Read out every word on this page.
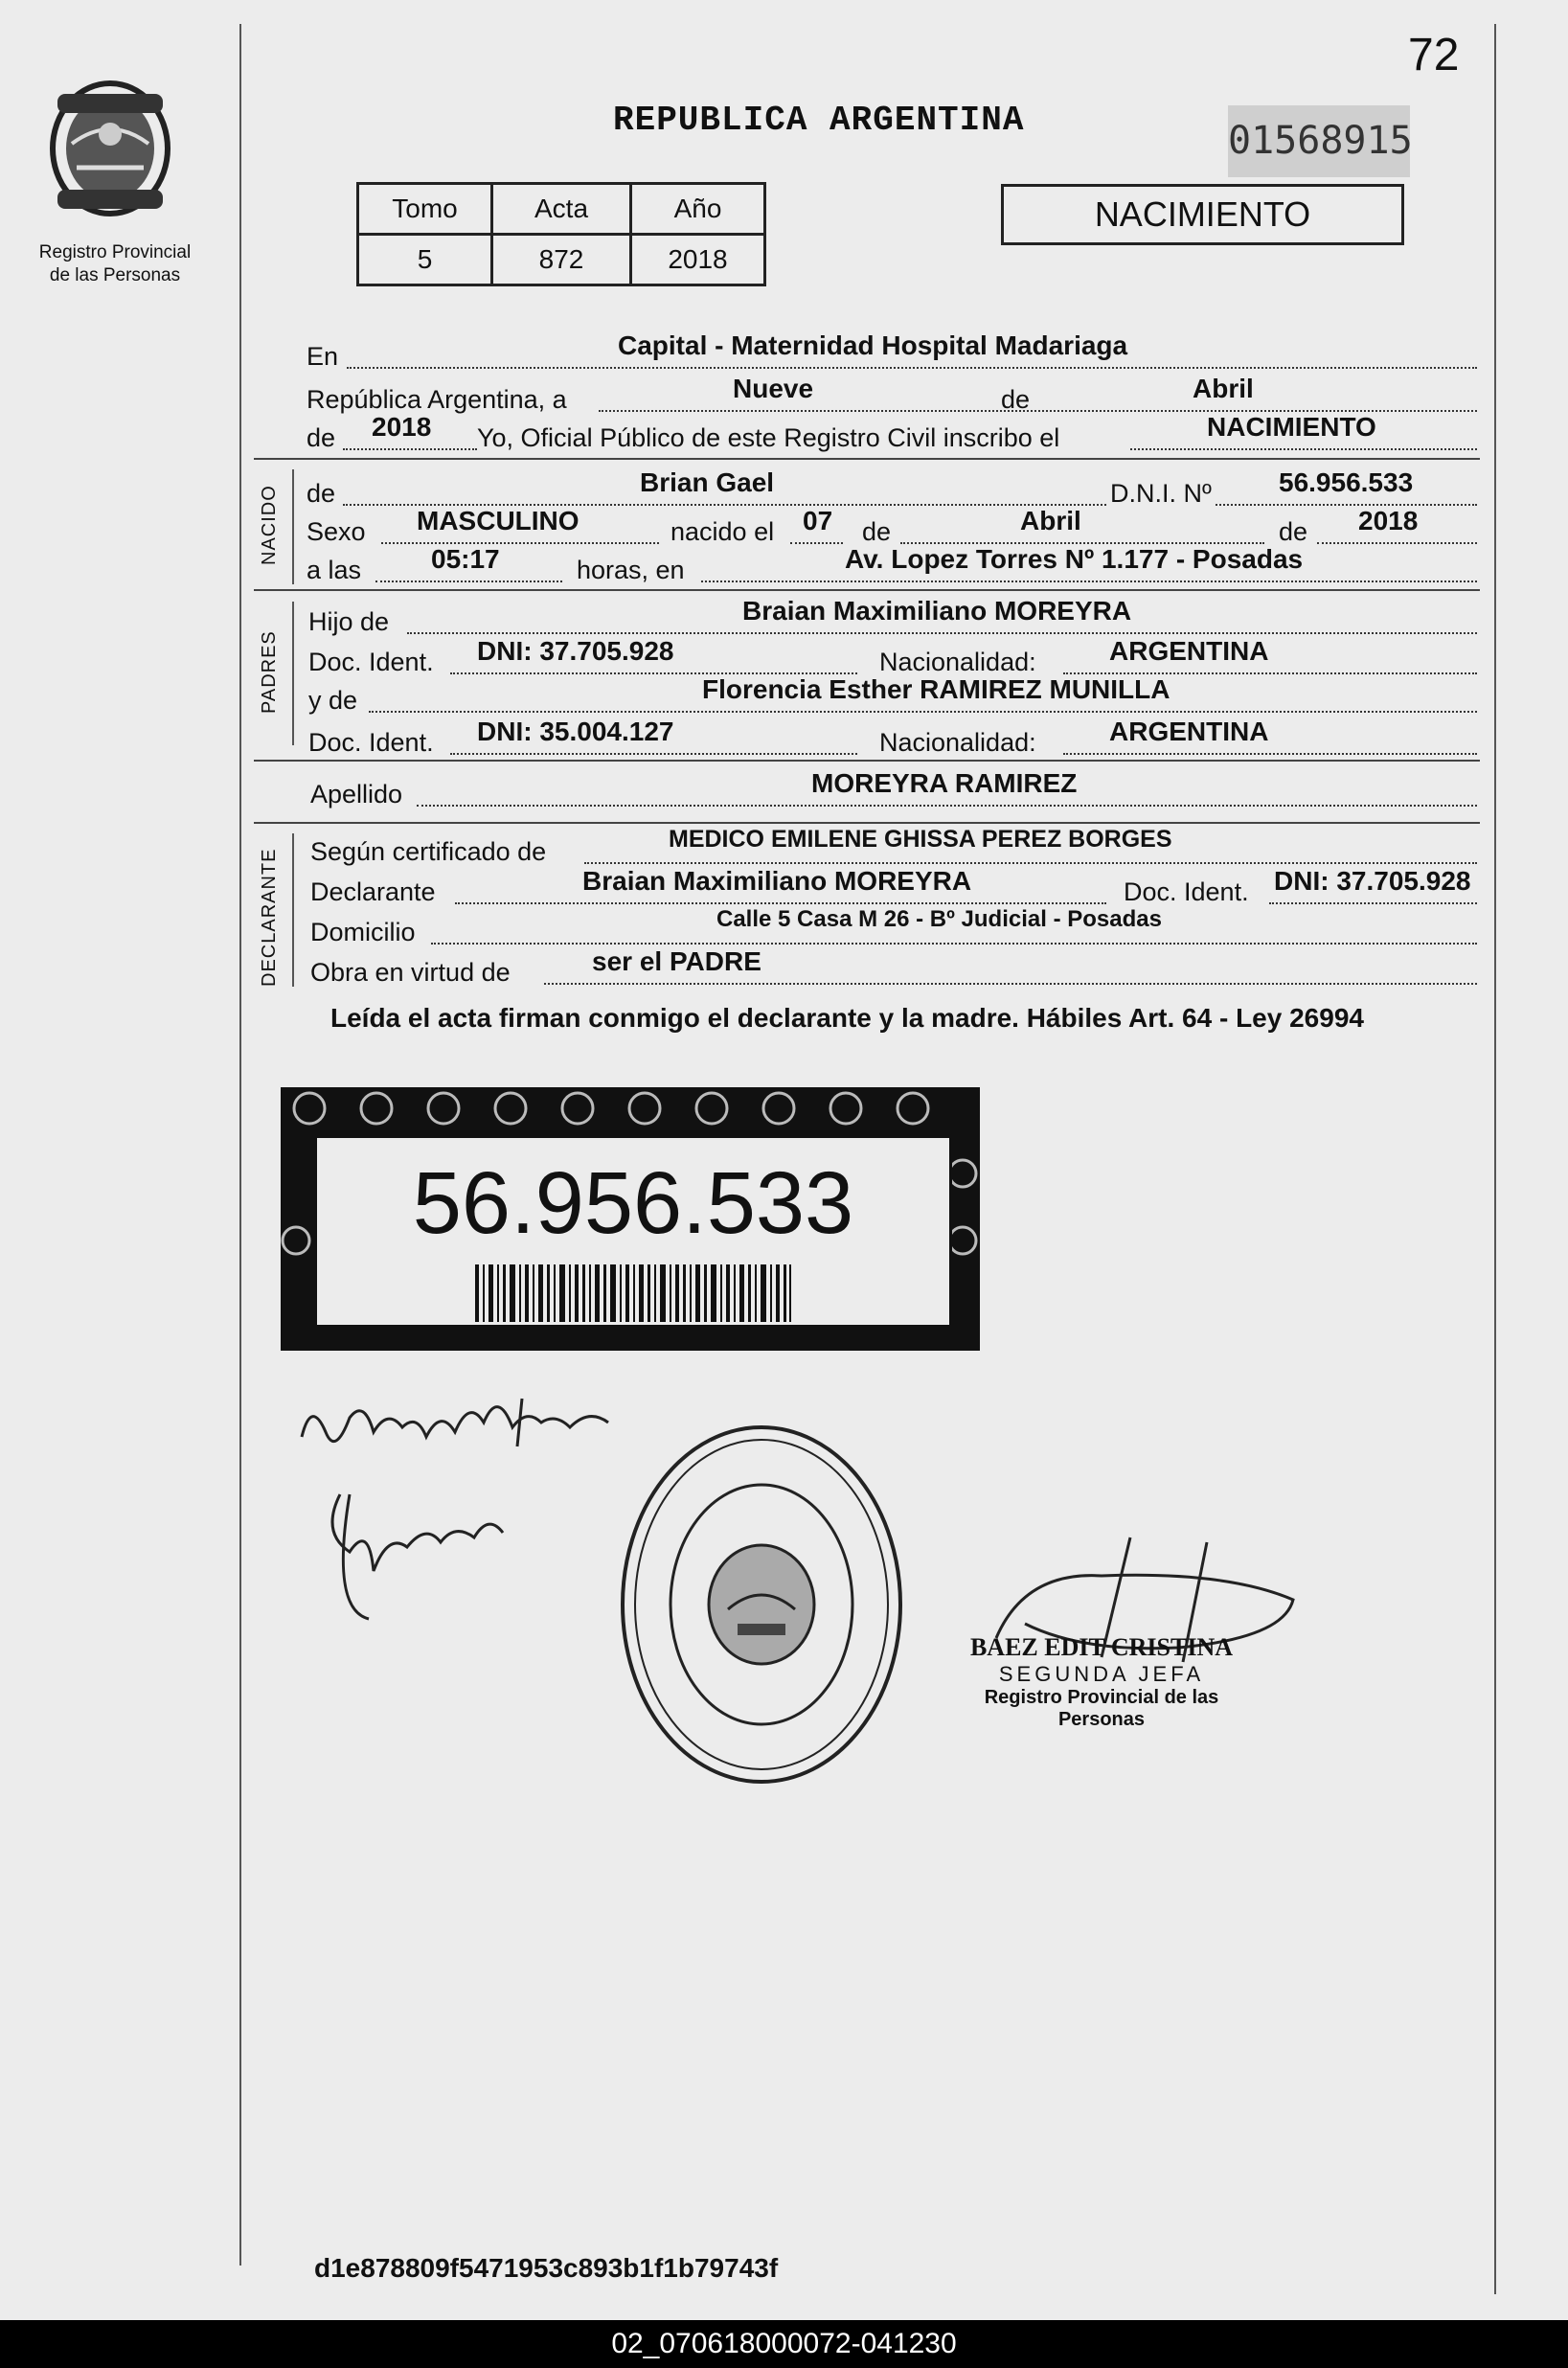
72
Registro Provincial
de las Personas
REPUBLICA ARGENTINA	01568915
Tomo	Acta	Año
5	872	2018
NACIMIENTO
En	Capital - Maternidad Hospital Madariaga
República Argentina, a	Nueve	de	Abril
de 2018 Yo, Oficial Público de este Registro Civil inscribo el	NACIMIENTO
NACIDO de	Brian Gael	D.N.I. Nº	56.956.533
Sexo MASCULINO	nacido el 07 de	Abril	de 2018
a las	05:17	horas, en	Av. Lopez Torres Nº 1.177 - Posadas
PADRES
Hijo de	Braian Maximiliano MOREYRA
Doc. Ident. DNI: 37.705.928	Nacionalidad:	ARGENTINA
y de	Florencia Esther RAMIREZ MUNILLA
Doc. Ident. DNI: 35.004.127	Nacionalidad:	ARGENTINA
Apellido	MOREYRA RAMIREZ
DECLARANTE Según certificado de	MEDICO EMILENE GHISSA PEREZ BORGES
Declarante	Braian Maximiliano MOREYRA	Doc. Ident. DNI: 37.705.928
Domicilio	Calle 5 Casa M 26 - Bº Judicial - Posadas
Obra en virtud de	ser el PADRE
Leída el acta firman conmigo el declarante y la madre. Hábiles Art. 64 - Ley 26994
56.956.533
BAEZ EDIT CRISTINA
SEGUNDA JEFA
Registro Provincial de las Personas
d1e878809f5471953c893b1f1b79743f
02_070618000072-041230
